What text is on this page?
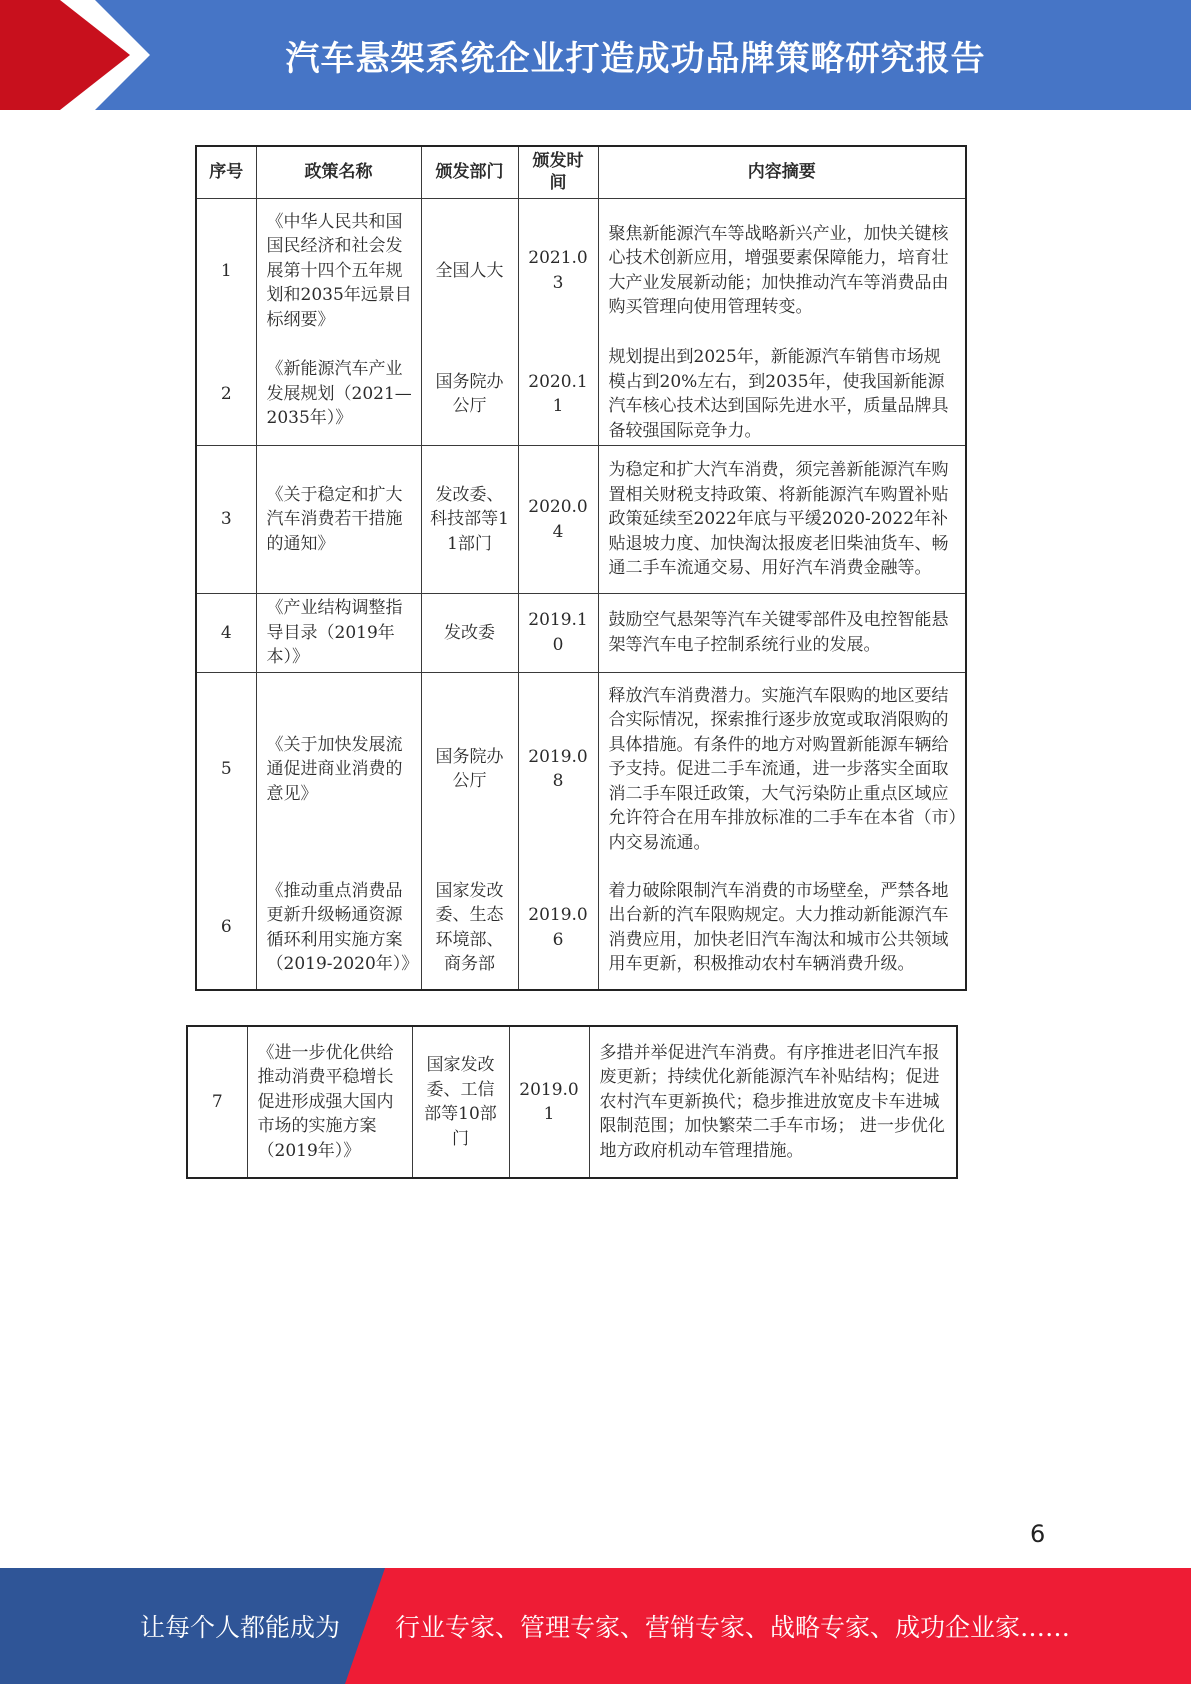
汽车悬架系统企业打造成功品牌策略研究报告
序号	政策名称	颁发部门	颁发时间	内容摘要
1	《中华人民共和国国民经济和社会发展第十四个五年规划和2035年远景目标纲要》	全国人大	2021.03	聚焦新能源汽车等战略新兴产业，加快关键核心技术创新应用，增强要素保障能力，培育壮大产业发展新动能；加快推动汽车等消费品由购买管理向使用管理转变。
2	《新能源汽车产业发展规划（2021—2035年）》	国务院办公厅	2020.11	规划提出到2025年，新能源汽车销售市场规模占到20%左右，到2035年，使我国新能源汽车核心技术达到国际先进水平，质量品牌具备较强国际竞争力。
3	《关于稳定和扩大汽车消费若干措施的通知》	发改委、科技部等11部门	2020.04	为稳定和扩大汽车消费，须完善新能源汽车购置相关财税支持政策、将新能源汽车购置补贴政策延续至2022年底与平缓2020-2022年补贴退坡力度、加快淘汰报废老旧柴油货车、畅通二手车流通交易、用好汽车消费金融等。
4	《产业结构调整指导目录（2019年本）》	发改委	2019.10	鼓励空气悬架等汽车关键零部件及电控智能悬架等汽车电子控制系统行业的发展。
5	《关于加快发展流通促进商业消费的意见》	国务院办公厅	2019.08	释放汽车消费潜力。实施汽车限购的地区要结合实际情况，探索推行逐步放宽或取消限购的具体措施。有条件的地方对购置新能源车辆给予支持。促进二手车流通，进一步落实全面取消二手车限迁政策，大气污染防止重点区域应允许符合在用车排放标准的二手车在本省（市）内交易流通。
6	《推动重点消费品更新升级畅通资源循环利用实施方案（2019-2020年）》	国家发改委、生态环境部、商务部	2019.06	着力破除限制汽车消费的市场壁垒，严禁各地出台新的汽车限购规定。大力推动新能源汽车消费应用，加快老旧汽车淘汰和城市公共领域用车更新，积极推动农村车辆消费升级。
7	《进一步优化供给推动消费平稳增长促进形成强大国内市场的实施方案（2019年）》	国家发改委、工信部等10部门	2019.01	多措并举促进汽车消费。有序推进老旧汽车报废更新；持续优化新能源汽车补贴结构；促进农村汽车更新换代；稳步推进放宽皮卡车进城限制范围；加快繁荣二手车市场； 进一步优化地方政府机动车管理措施。
6
让每个人都能成为 行业专家、管理专家、营销专家、战略专家、成功企业家……
